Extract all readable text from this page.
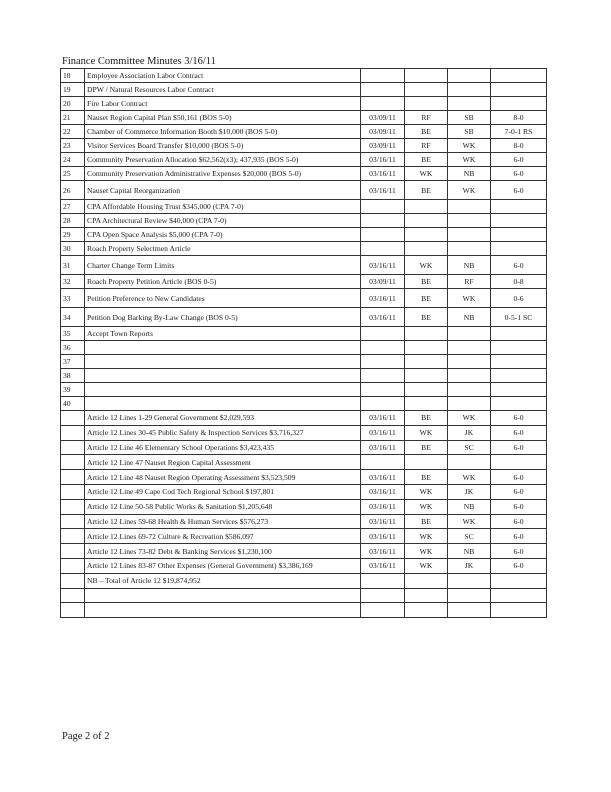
Finance Committee Minutes 3/16/11
18	Employee Association Labor Contract				
19	DPW / Natural Resources Labor Contract				
20	Fire Labor Contract				
21	Nauset Region Capital Plan $50,161 (BOS 5-0)	03/09/11	RF	SB	8-0
22	Chamber of Commerce Information Booth $10,000 (BOS 5-0)	03/09/11	BE	SB	7-0-1 RS
23	Visitor Services Board Transfer $10,000 (BOS 5-0)	03/09/11	RF	WK	8-0
24	Community Preservation Allocation $62,562(x3); 437,935 (BOS 5-0)	03/16/11	BE	WK	6-0
25	Community Preservation Administrative Expenses $20,000 (BOS 5-0)	03/16/11	WK	NB	6-0
26	Nauset Capital Reorganization	03/16/11	BE	WK	6-0
27	CPA Affordable Housing Trust $345,000 (CPA 7-0)				
28	CPA Architectural Review $40,000 (CPA 7-0)				
29	CPA Open Space Analysis $5,000 (CPA 7-0)				
30	Roach Property Selectmen Article				
31	Charter Change Term Limits	03/16/11	WK	NB	6-0
32	Roach Property Petition Article (BOS 0-5)	03/09/11	BE	RF	0-8
33	Petition Preference to New Candidates	03/16/11	BE	WK	0-6
34	Petition Dog Barking By-Law Change (BOS 0-5)	03/16/11	BE	NB	0-5-1 SC
35	Accept Town Reports				
36					
37					
38					
39					
40					
	Article 12 Lines 1-29 General Government $2,029,593	03/16/11	BE	WK	6-0
	Article 12 Lines 30-45 Public Safety & Inspection Services $3,716,327	03/16/11	WK	JK	6-0
	Article 12 Line 46 Elementary School Operations $3,423,435	03/16/11	BE	SC	6-0
	Article 12 Line 47 Nauset Region Capital Assessment				
	Article 12 Line 48 Nauset Region Operating Assessment $3,523,509	03/16/11	BE	WK	6-0
	Article 12 Line 49 Cape Cod Tech Regional School $197,801	03/16/11	WK	JK	6-0
	Article 12 Line 50-58 Public Works & Sanitation $1,205,648	03/16/11	WK	NB	6-0
	Article 12 Lines 59-68 Health & Human Services $576,273	03/16/11	BE	WK	6-0
	Article 12 Lines 69-72 Culture & Recreation $586,097	03/16/11	WK	SC	6-0
	Article 12 Lines 73-82 Debt & Banking Services $1,230,100	03/16/11	WK	NB	6-0
	Article 12 Lines 83-87 Other Expenses (General Government) $3,386,169	03/16/11	WK	JK	6-0
	NB – Total of Article 12 $19,874,952				

Page 2 of 2
